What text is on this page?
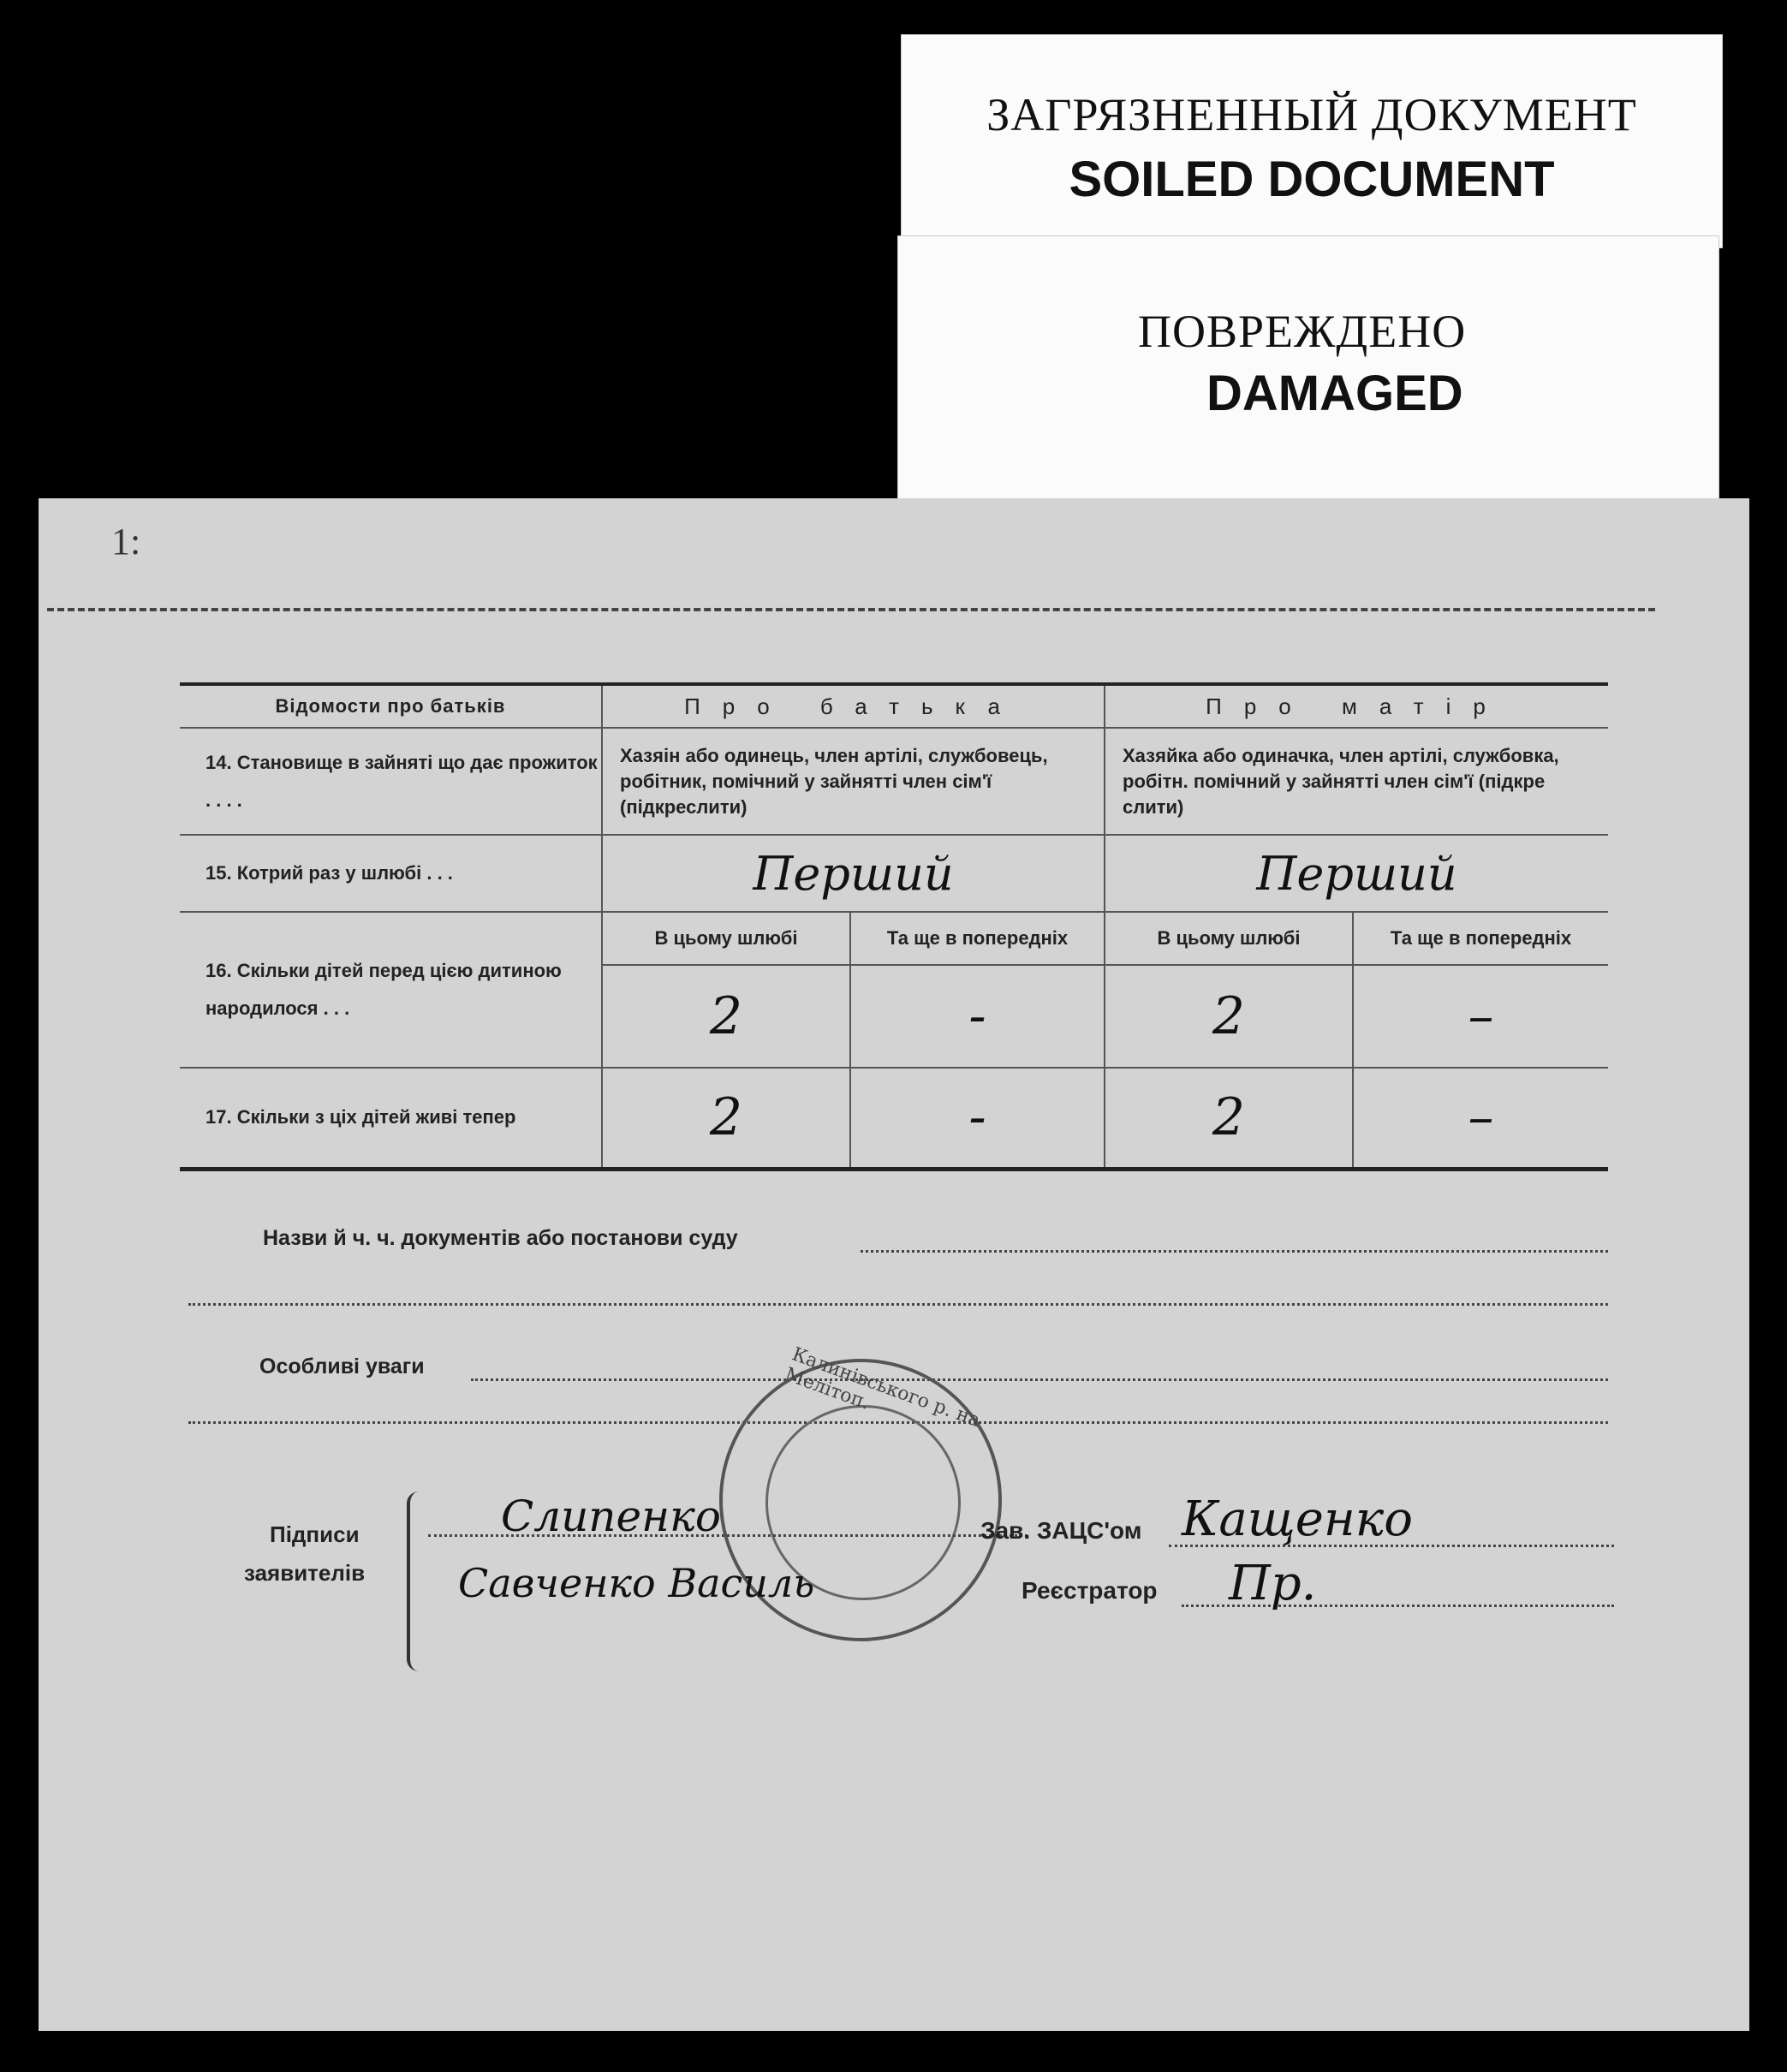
ЗАГРЯЗНЕННЫЙ ДОКУМЕНТ
SOILED DOCUMENT
ПОВРЕЖДЕНО
DAMAGED
1:
Відомости про батьків	Про батька		Про матір	
14. Становище в зайняті що дає прожиток . . . .	Хазяін або одинець, член артілі, службовець, робітник, помічний у зайнятті член сім'ї (підкреслити)		Хазяйка або одиначка, член артілі, службовка, робітн. помічний у зайнятті член сім'ї (підкре слити)	
15. Котрий раз у шлюбі . . .	Перший		Перший	
16. Скільки дітей перед цією дитиною народилося . . .	В цьому шлюбі	Та ще в попередніх	В цьому шлюбі	Та ще в попередніх
	2	-	2	–
17. Скільки з ціх дітей живі тепер	2	-	2	–
Назви й ч. ч. документів або постанови суду
Особливі уваги	Калинівського р. на Мелітоп.
Підписи
заявителів
Слипенко
Савченко Василь
Зав. ЗАЦС'ом Кащенко
Реєстратор Пр.
